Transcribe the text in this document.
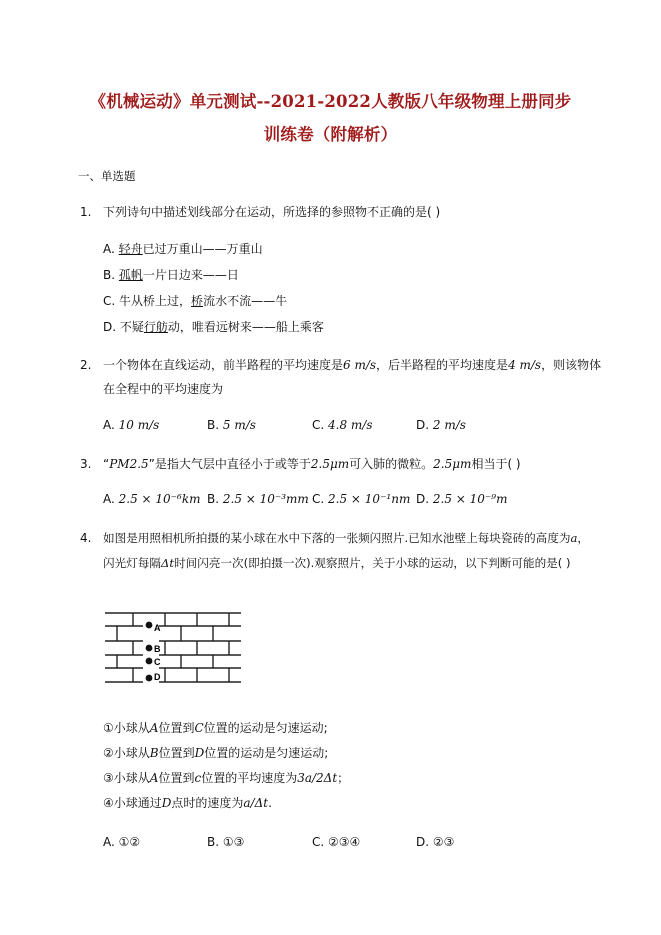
《机械运动》单元测试--2021-2022人教版八年级物理上册同步
训练卷（附解析）
一、单选题
1. 下列诗句中描述划线部分在运动，所选择的参照物不正确的是( )
A. 轻舟已过万重山——万重山
B. 孤帆一片日边来——日
C. 牛从桥上过，桥流水不流——牛
D. 不疑行舫动，唯看远树来——船上乘客
2. 一个物体在直线运动，前半路程的平均速度是6 m/s，后半路程的平均速度是4 m/s，则该物体
在全程中的平均速度为
A. 10 m/s	B. 5 m/s	C. 4.8 m/s	D. 2 m/s
3. “PM2.5”是指大气层中直径小于或等于2.5μm可入肺的微粒。2.5μm相当于( )
A. 2.5 × 10⁻⁶km B. 2.5 × 10⁻³mm C. 2.5 × 10⁻¹nm D. 2.5 × 10⁻⁹m
4. 如图是用照相机所拍摄的某小球在水中下落的一张频闪照片.已知水池壁上每块瓷砖的高度为a，
闪光灯每隔Δt时间闪亮一次(即拍摄一次).观察照片，关于小球的运动，以下判断可能的是( )
A
B
C
D
①小球从A位置到C位置的运动是匀速运动;
②小球从B位置到D位置的运动是匀速运动;
③小球从A位置到c位置的平均速度为3a/2Δt；
④小球通过D点时的速度为a/Δt.
A. ①②	B. ①③	C. ②③④	D. ②③
